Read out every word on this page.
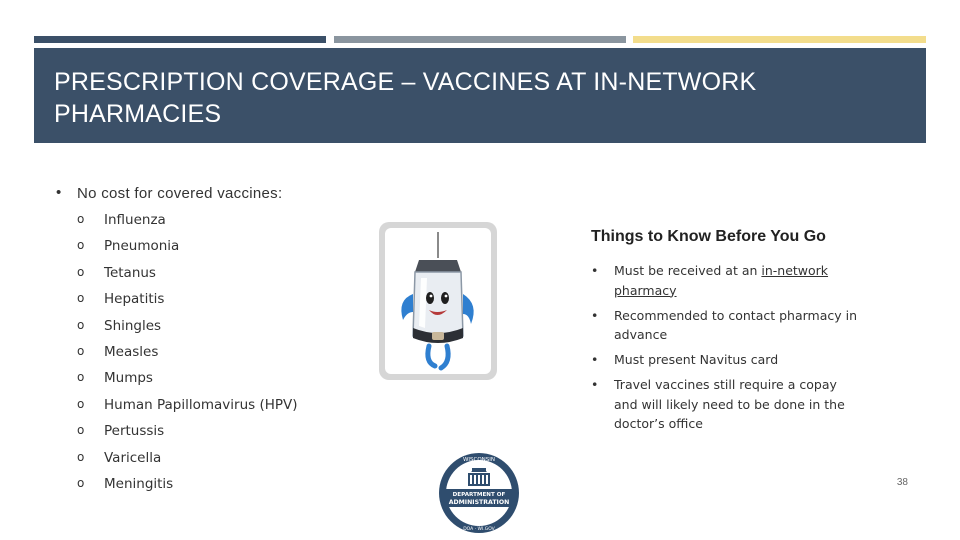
PRESCRIPTION COVERAGE – VACCINES AT IN-NETWORK PHARMACIES
• No cost for covered vaccines:
o Influenza
o Pneumonia
o Tetanus
o Hepatitis
o Shingles
o Measles
o Mumps
o Human Papillomavirus (HPV)
o Pertussis
o Varicella
o Meningitis
Things to Know Before You Go
• Must be received at an in-network pharmacy
• Recommended to contact pharmacy in advance
• Must present Navitus card
• Travel vaccines still require a copay and will likely need to be done in the doctor’s office
WISCONSIN
DEPARTMENT OF
ADMINISTRATION
DOA · WI.GOV
38
